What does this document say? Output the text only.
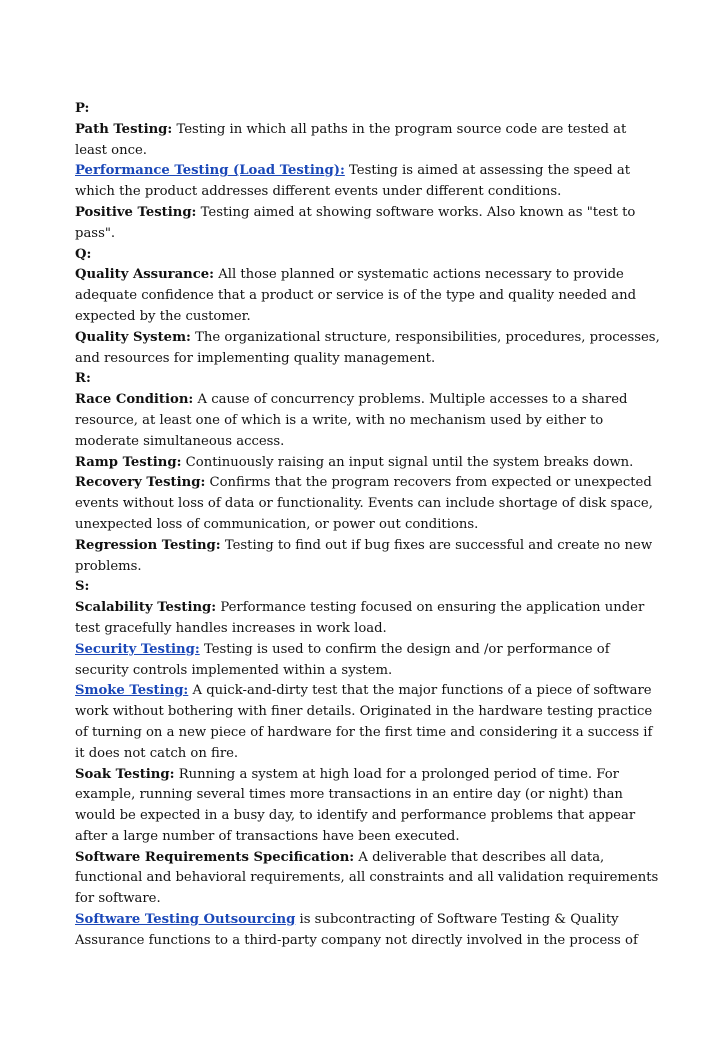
P:

Path Testing: Testing in which all paths in the program source code are tested at least once.

Performance Testing (Load Testing): Testing is aimed at assessing the speed at which the product addresses different events under different conditions.

Positive Testing: Testing aimed at showing software works. Also known as "test to pass".

Q:

Quality Assurance: All those planned or systematic actions necessary to provide adequate confidence that a product or service is of the type and quality needed and expected by the customer.

Quality System: The organizational structure, responsibilities, procedures, processes, and resources for implementing quality management.

R:

Race Condition: A cause of concurrency problems. Multiple accesses to a shared resource, at least one of which is a write, with no mechanism used by either to moderate simultaneous access.

Ramp Testing: Continuously raising an input signal until the system breaks down.

Recovery Testing: Confirms that the program recovers from expected or unexpected events without loss of data or functionality. Events can include shortage of disk space, unexpected loss of communication, or power out conditions.

Regression Testing: Testing to find out if bug fixes are successful and create no new problems.

S:

Scalability Testing: Performance testing focused on ensuring the application under test gracefully handles increases in work load.

Security Testing: Testing is used to confirm the design and /or performance of security controls implemented within a system.

Smoke Testing: A quick-and-dirty test that the major functions of a piece of software work without bothering with finer details. Originated in the hardware testing practice of turning on a new piece of hardware for the first time and considering it a success if it does not catch on fire.

Soak Testing: Running a system at high load for a prolonged period of time. For example, running several times more transactions in an entire day (or night) than would be expected in a busy day, to identify and performance problems that appear after a large number of transactions have been executed.

Software Requirements Specification: A deliverable that describes all data, functional and behavioral requirements, all constraints and all validation requirements for software.

Software Testing Outsourcing is subcontracting of Software Testing & Quality Assurance functions to a third-party company not directly involved in the process of
